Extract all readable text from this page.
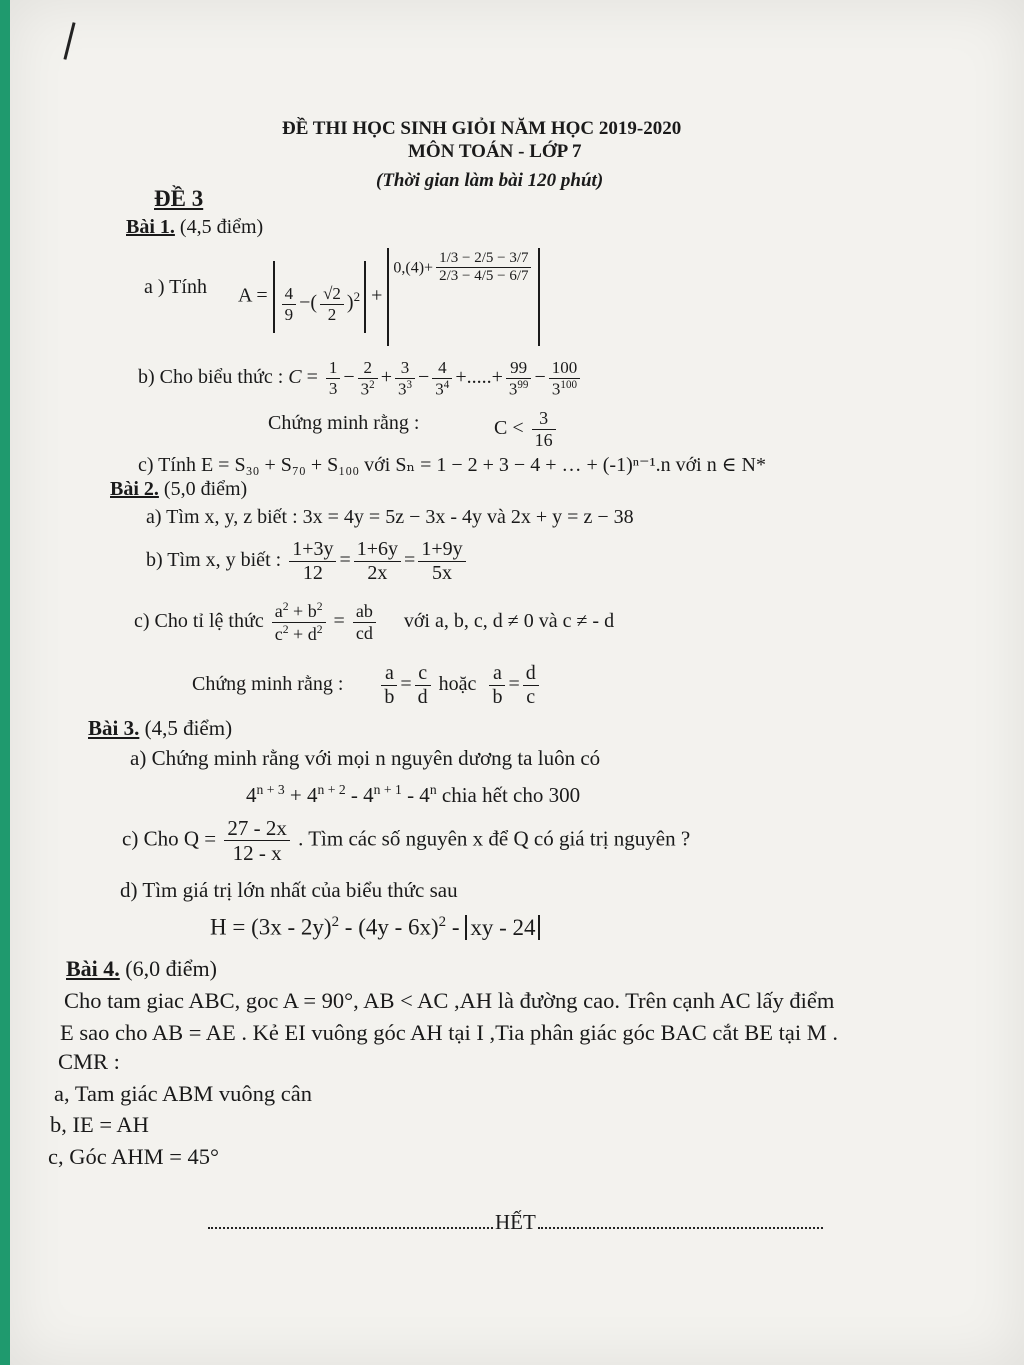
ĐỀ THI HỌC SINH GIỎI NĂM HỌC 2019-2020
MÔN TOÁN - LỚP 7
(Thời gian làm bài 120 phút)
ĐỀ 3
Bài 1. (4,5 điểm)
a ) Tính $A = \frac{4}{9}$ −( $\frac{√2}{2} )^2 + 0,(4)+ \frac{1/3 - 2/5 - 3/7}{2/3 - 4/5 - 6/7}$
b) Cho biểu thức : $C = \frac{1}{3} - \frac{2}{3^2} + \frac{3}{3^3} - \frac{4}{3^4}$ +.....+ $\frac{99}{3^{99}} - \frac{100}{3^{100}}$
Chứng minh rằng :	$C < \frac{3}{16}$
c) Tính E = S₃₀ + S₇₀ + S₁₀₀ với Sₙ = 1 − 2 + 3 − 4 + … + (-1)ⁿ⁻¹.n với n ∈ N*
Bài 2. (5,0 điểm)
a) Tìm x, y, z biết : 3x = 4y = 5z − 3x - 4y và 2x + y = z − 38
b) Tìm x, y biết : $\frac{1+3y}{12} = \frac{1+6y}{2x} = \frac{1+9y}{5x}$
c) Cho tỉ lệ thức $\frac{a^2 + b^2}{c^2 + d^2} = \frac{ab}{cd}$ với a, b, c, d ≠ 0 và c ≠ - d
Chứng minh rằng : $\frac{a}{b} = \frac{c}{d}$ hoặc $\frac{a}{b} = \frac{d}{c}$
Bài 3. (4,5 điểm)
a) Chứng minh rằng với mọi n nguyên dương ta luôn có
$4^{n + 3} + 4^{n + 2} - 4^{n + 1} - 4^n$ chia hết cho 300
c) Cho $Q = \frac{27 - 2x}{12 - x}$ . Tìm các số nguyên x để Q có giá trị nguyên ?
d) Tìm giá trị lớn nhất của biểu thức sau
H = (3x - 2y)$^2$ - (4y - 6x)$^2$ - xy - 24
Bài 4. (6,0 điểm)
Cho tam giac ABC, goc A = 90°, AB < AC ,AH là đường cao. Trên cạnh AC lấy điểm
E sao cho AB = AE . Kẻ EI vuông góc AH tại I ,Tia phân giác góc BAC cắt BE tại M .
CMR :
a, Tam giác ABM vuông cân
b, IE = AH
c, Góc AHM = 45°
HẾT
